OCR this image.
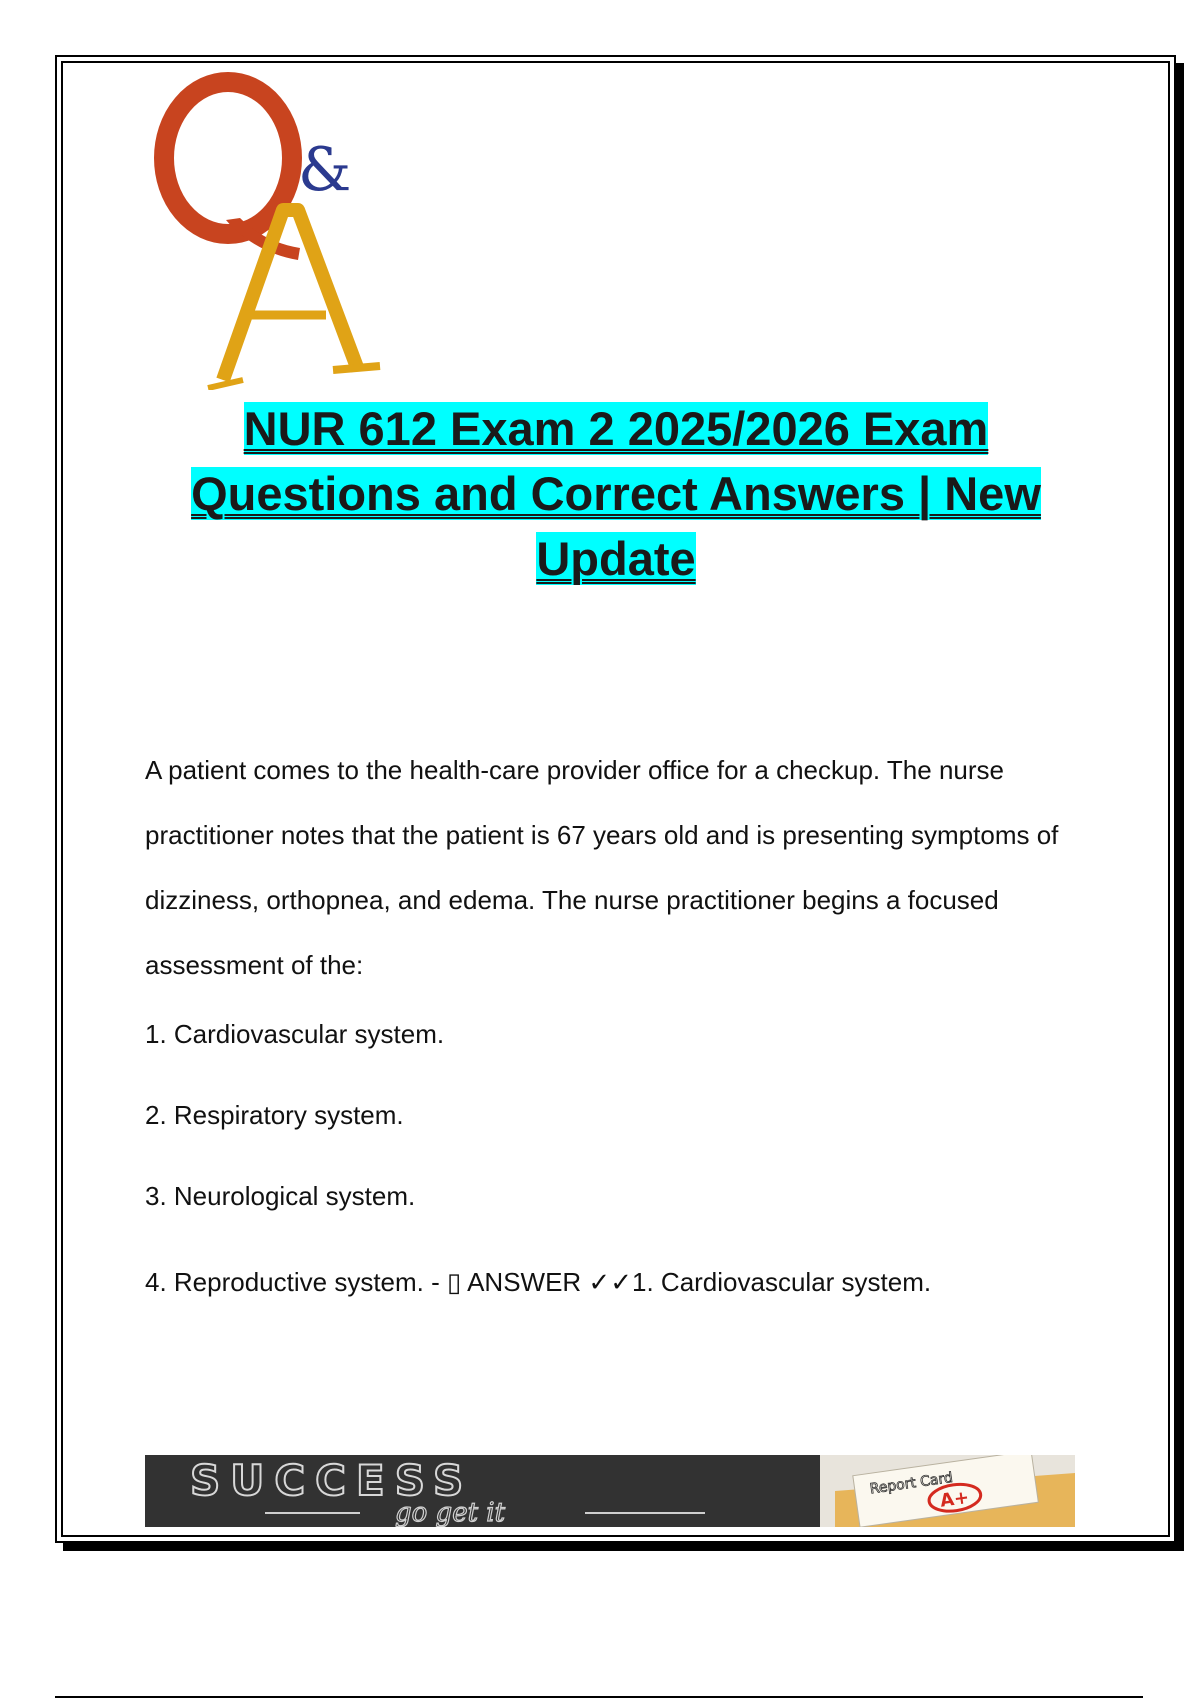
&
NUR 612 Exam 2 2025/2026 Exam
Questions and Correct Answers | New
Update
A patient comes to the health-care provider office for a checkup. The nurse practitioner notes that the patient is 67 years old and is presenting symptoms of dizziness, orthopnea, and edema. The nurse practitioner begins a focused assessment of the:
1. Cardiovascular system.
2. Respiratory system.
3. Neurological system.
4. Reproductive system. - ▯ ANSWER ✓✓1. Cardiovascular system.
SUCCESS
go get it
Report Card
A+
